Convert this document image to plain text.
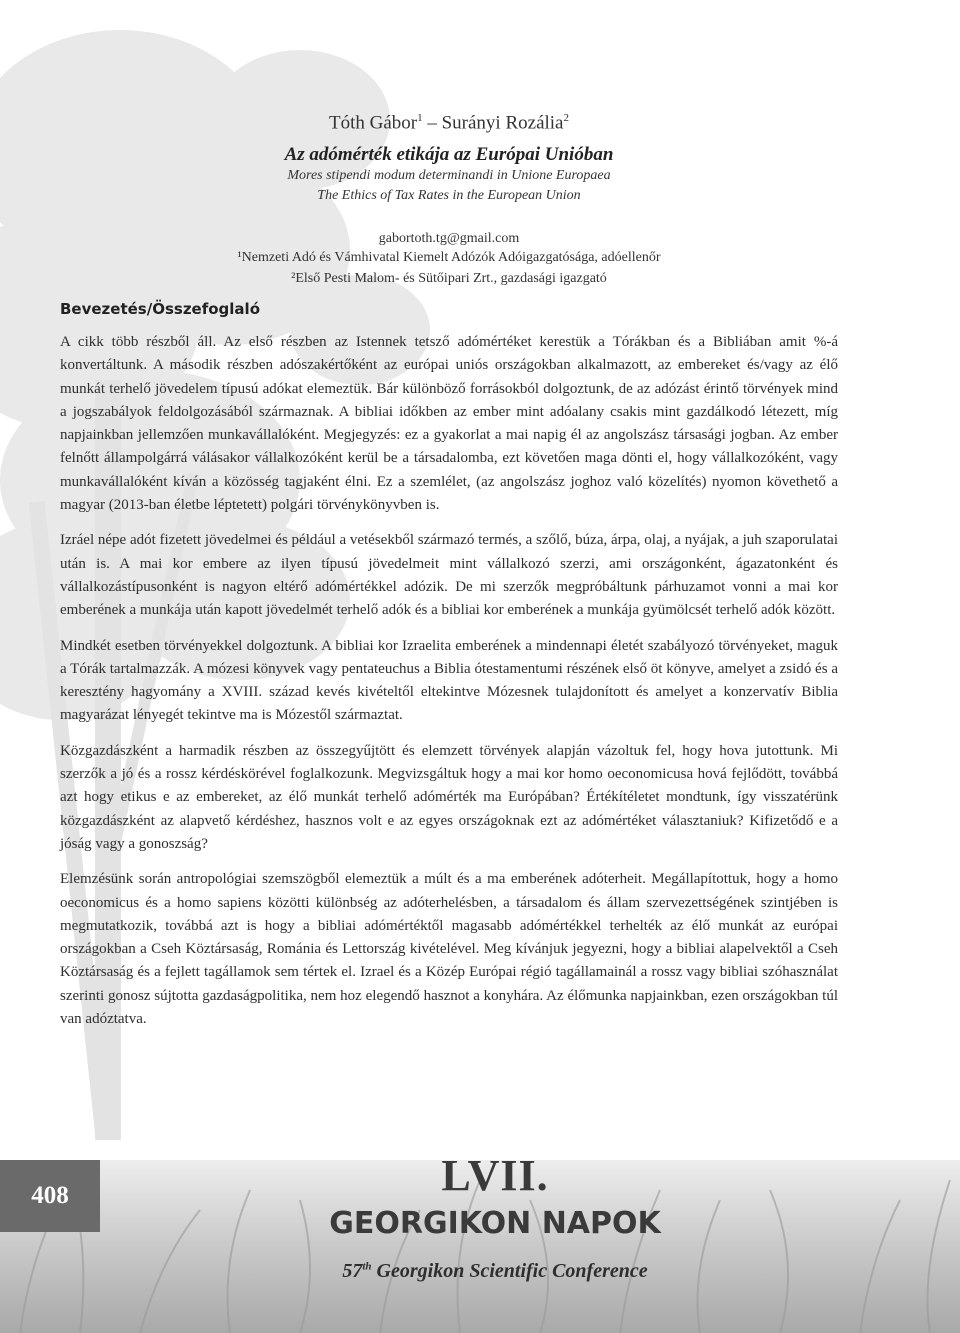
Tóth Gábor$^1$ – Surányi Rozália$^2$
Az adómérték etikája az Európai Unióban
Mores stipendi modum determinandi in Unione Europaea
The Ethics of Tax Rates in the European Union
gabortoth.tg@gmail.com
¹Nemzeti Adó és Vámhivatal Kiemelt Adózók Adóigazgatósága, adóellenőr
²Első Pesti Malom- és Sütőipari Zrt., gazdasági igazgató
Bevezetés/Összefoglaló

A cikk több részből áll. Az első részben az Istennek tetsző adómértéket kerestük a Tórákban és a Bibliában amit %-á konvertáltunk. A második részben adószakértőként az európai uniós országokban alkalmazott, az embereket és/vagy az élő munkát terhelő jövedelem típusú adókat elemeztük. Bár különböző forrásokból dolgoztunk, de az adózást érintő törvények mind a jogszabályok feldolgozásából származnak. A bibliai időkben az ember mint adóalany csakis mint gazdálkodó létezett, míg napjainkban jellemzően munkavállalóként. Megjegyzés: ez a gyakorlat a mai napig él az angolszász társasági jogban. Az ember felnőtt állampolgárrá válásakor vállalkozóként kerül be a társadalomba, ezt követően maga dönti el, hogy vállalkozóként, vagy munkavállalóként kíván a közösség tagjaként élni. Ez a szemlélet, (az angolszász joghoz való közelítés) nyomon követhető a magyar (2013-ban életbe léptetett) polgári törvénykönyvben is.

Izráel népe adót fizetett jövedelmei és például a vetésekből származó termés, a szőlő, búza, árpa, olaj, a nyájak, a juh szaporulatai után is. A mai kor embere az ilyen típusú jövedelmeit mint vállalkozó szerzi, ami országonként, ágazatonként és vállalkozástípusonként is nagyon eltérő adómértékkel adózik. De mi szerzők megpróbáltunk párhuzamot vonni a mai kor emberének a munkája után kapott jövedelmét terhelő adók és a bibliai kor emberének a munkája gyümölcsét terhelő adók között.

Mindkét esetben törvényekkel dolgoztunk. A bibliai kor Izraelita emberének a mindennapi életét szabályozó törvényeket, maguk a Tórák tartalmazzák. A mózesi könyvek vagy pentateuchus a Biblia ótestamentumi részének első öt könyve, amelyet a zsidó és a keresztény hagyomány a XVIII. század kevés kivételtől eltekintve Mózesnek tulajdonított és amelyet a konzervatív Biblia magyarázat lényegét tekintve ma is Mózestől származtat.

Közgazdászként a harmadik részben az összegyűjtött és elemzett törvények alapján vázoltuk fel, hogy hova jutottunk. Mi szerzők a jó és a rossz kérdéskörével foglalkozunk. Megvizsgáltuk hogy a mai kor homo oeconomicusa hová fejlődött, továbbá azt hogy etikus e az embereket, az élő munkát terhelő adómérték ma Európában? Értékítéletet mondtunk, így visszatérünk közgazdászként az alapvető kérdéshez, hasznos volt e az egyes országoknak ezt az adómértéket választaniuk? Kifizetődő e a jóság vagy a gonoszság?

Elemzésünk során antropológiai szemszögből elemeztük a múlt és a ma emberének adóterheit. Megállapítottuk, hogy a homo oeconomicus és a homo sapiens közötti különbség az adóterhelésben, a társadalom és állam szervezettségének szintjében is megmutatkozik, továbbá azt is hogy a bibliai adómértéktől magasabb adómértékkel terhelték az élő munkát az európai országokban a Cseh Köztársaság, Románia és Lettország kivételével. Meg kívánjuk jegyezni, hogy a bibliai alapelvektől a Cseh Köztársaság és a fejlett tagállamok sem tértek el. Izrael és a Közép Európai régió tagállamainál a rossz vagy bibliai szóhasználat szerinti gonosz sújtotta gazdaságpolitika, nem hoz elegendő hasznot a konyhára. Az élőmunka napjainkban, ezen országokban túl van adóztatva.

408	LVII.
GEORGIKON NAPOK
57th Georgikon Scientific Conference
